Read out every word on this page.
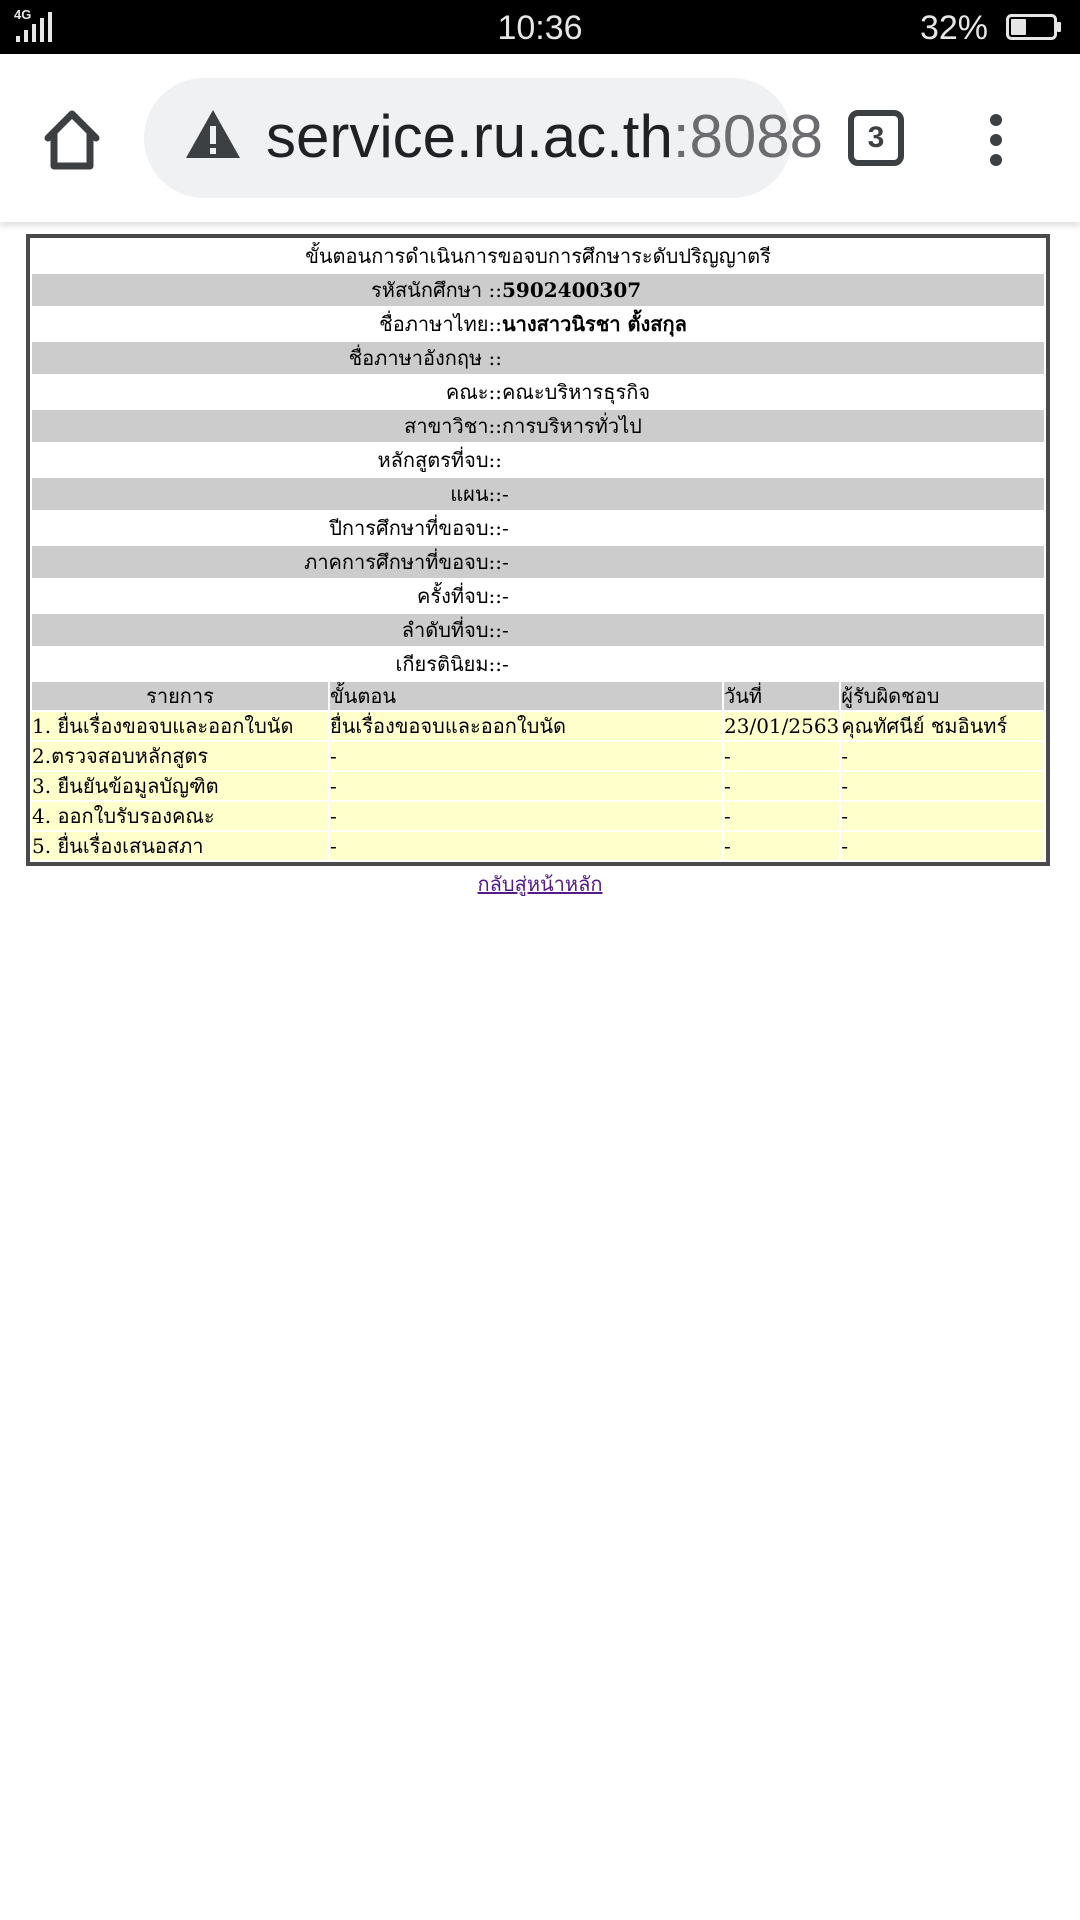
4G	10:36	32%
service.ru.ac.th:8088	3
ขั้นตอนการดำเนินการขอจบการศึกษาระดับปริญญาตรี

รหัสนักศึกษา ::	5902400307

ชื่อภาษาไทย::	นางสาวนิรชา ตั้งสกุล

ชื่อภาษาอังกฤษ ::	

คณะ::	คณะบริหารธุรกิจ

สาขาวิชา::	การบริหารทั่วไป

หลักสูตรที่จบ::	

แผน::	-

ปีการศึกษาที่ขอจบ::	-

ภาคการศึกษาที่ขอจบ::	-

ครั้งที่จบ::	-

ลำดับที่จบ::	-

เกียรตินิยม::	-

รายการ	ขั้นตอน	วันที่	ผู้รับผิดชอบ
1. ยื่นเรื่องขอจบและออกใบนัด	ยื่นเรื่องขอจบและออกใบนัด	23/01/2563	คุณทัศนีย์ ชมอินทร์
2.ตรวจสอบหลักสูตร	-	-	-
3. ยืนยันข้อมูลบัญฑิต	-	-	-
4. ออกใบรับรองคณะ	-	-	-
5. ยื่นเรื่องเสนอสภา	-	-	-
กลับสู่หน้าหลัก
